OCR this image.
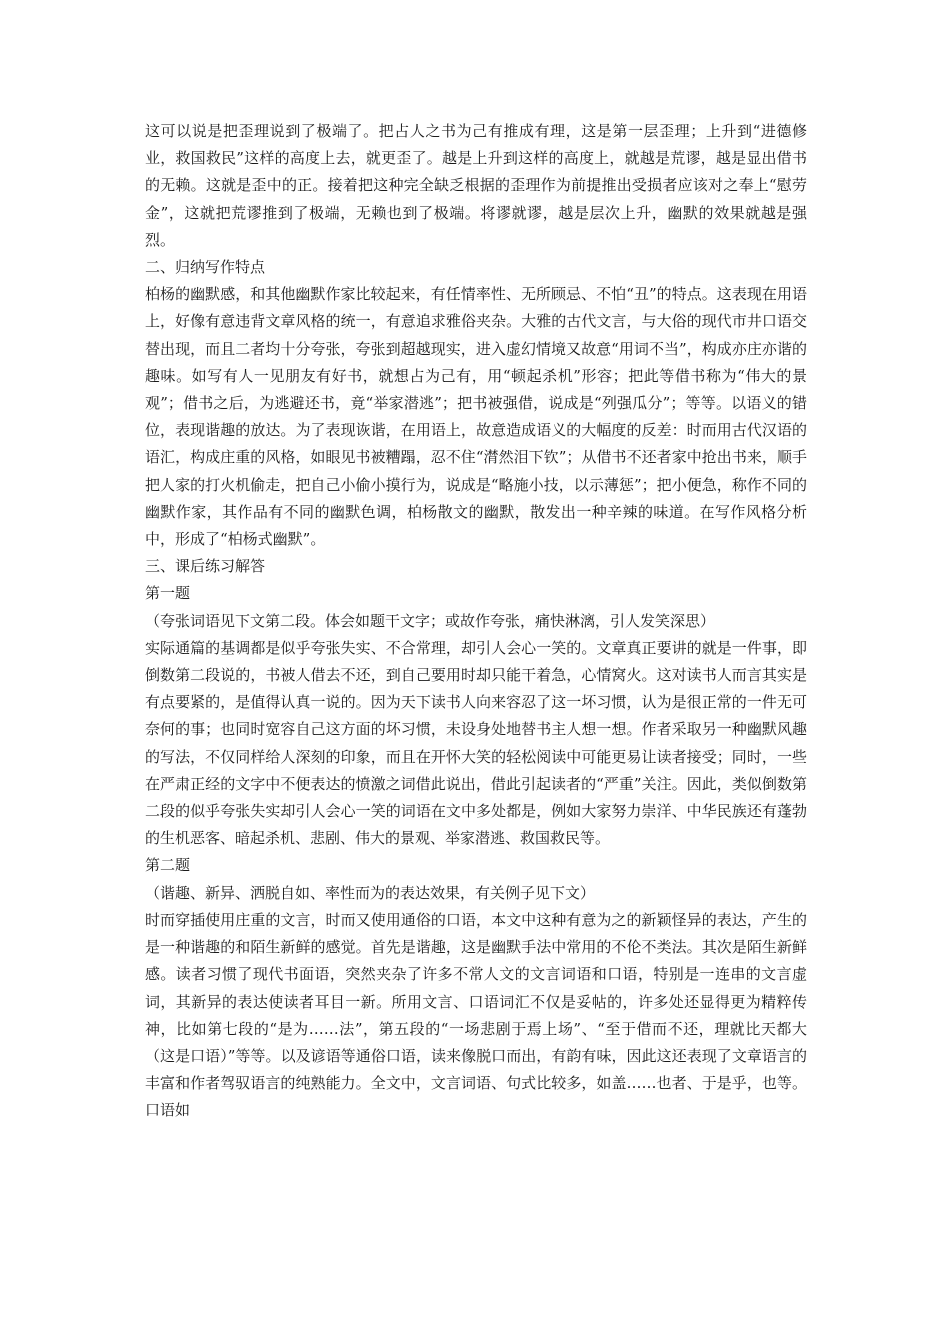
这可以说是把歪理说到了极端了。把占人之书为己有推成有理，这是第一层歪理；上升到“进德修业，救国救民”这样的高度上去，就更歪了。越是上升到这样的高度上，就越是荒谬，越是显出借书的无赖。这就是歪中的正。接着把这种完全缺乏根据的歪理作为前提推出受损者应该对之奉上“慰劳金”，这就把荒谬推到了极端，无赖也到了极端。将谬就谬，越是层次上升，幽默的效果就越是强烈。

二、归纳写作特点

柏杨的幽默感，和其他幽默作家比较起来，有任情率性、无所顾忌、不怕“丑”的特点。这表现在用语上，好像有意违背文章风格的统一，有意追求雅俗夹杂。大雅的古代文言，与大俗的现代市井口语交替出现，而且二者均十分夸张，夸张到超越现实，进入虚幻情境又故意“用词不当”，构成亦庄亦谐的趣味。如写有人一见朋友有好书，就想占为己有，用“顿起杀机”形容；把此等借书称为“伟大的景观”；借书之后，为逃避还书，竟“举家潜逃”；把书被强借，说成是“列强瓜分”；等等。以语义的错位，表现谐趣的放达。为了表现诙谐，在用语上，故意造成语义的大幅度的反差：时而用古代汉语的语汇，构成庄重的风格，如眼见书被糟蹋，忍不住“潸然泪下钦”；从借书不还者家中抢出书来，顺手把人家的打火机偷走，把自己小偷小摸行为，说成是“略施小技，以示薄惩”；把小便急，称作不同的幽默作家，其作品有不同的幽默色调，柏杨散文的幽默，散发出一种辛辣的味道。在写作风格分析中，形成了“柏杨式幽默”。

三、课后练习解答

第一题

（夸张词语见下文第二段。体会如题干文字；或故作夸张，痛快淋漓，引人发笑深思）

实际通篇的基调都是似乎夸张失实、不合常理，却引人会心一笑的。文章真正要讲的就是一件事，即倒数第二段说的，书被人借去不还，到自己要用时却只能干着急，心情窝火。这对读书人而言其实是有点要紧的，是值得认真一说的。因为天下读书人向来容忍了这一坏习惯，认为是很正常的一件无可奈何的事；也同时宽容自己这方面的坏习惯，未设身处地替书主人想一想。作者采取另一种幽默风趣的写法，不仅同样给人深刻的印象，而且在开怀大笑的轻松阅读中可能更易让读者接受；同时，一些在严肃正经的文字中不便表达的愤激之词借此说出，借此引起读者的“严重”关注。因此，类似倒数第二段的似乎夸张失实却引人会心一笑的词语在文中多处都是，例如大家努力崇洋、中华民族还有蓬勃的生机恶客、暗起杀机、悲剧、伟大的景观、举家潜逃、救国救民等。

第二题

（谐趣、新异、洒脱自如、率性而为的表达效果，有关例子见下文）

时而穿插使用庄重的文言，时而又使用通俗的口语，本文中这种有意为之的新颖怪异的表达，产生的是一种谐趣的和陌生新鲜的感觉。首先是谐趣，这是幽默手法中常用的不伦不类法。其次是陌生新鲜感。读者习惯了现代书面语，突然夹杂了许多不常人文的文言词语和口语，特别是一连串的文言虚词，其新异的表达使读者耳目一新。所用文言、口语词汇不仅是妥帖的，许多处还显得更为精粹传神，比如第七段的“是为……法”，第五段的“一场悲剧于焉上场”、“至于借而不还，理就比天都大（这是口语）”等等。以及谚语等通俗口语，读来像脱口而出，有韵有味，因此这还表现了文章语言的丰富和作者驾驭语言的纯熟能力。全文中，文言词语、句式比较多，如盖……也者、于是乎，也等。口语如
